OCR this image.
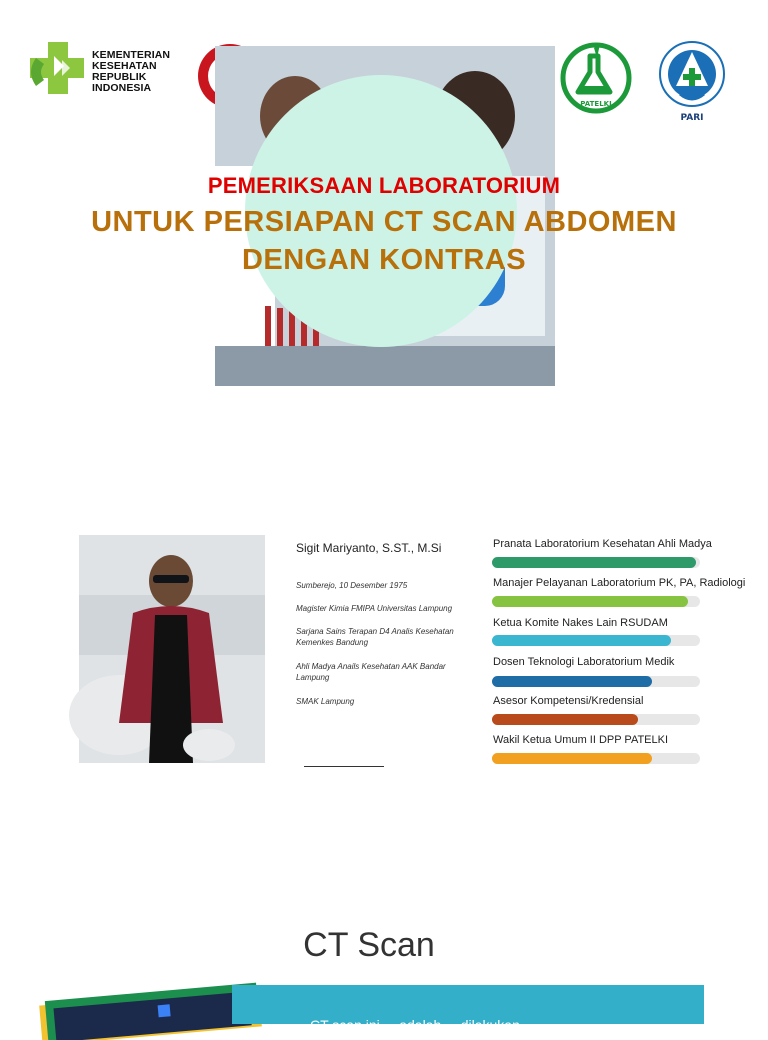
KEMENTERIAN
KESEHATAN
REPUBLIK
INDONESIA
PATELKI
PARI
PEMERIKSAAN LABORATORIUM
UNTUK PERSIAPAN CT SCAN ABDOMEN
DENGAN KONTRAS
Sigit Mariyanto, S.ST., M.Si
Sumberejo, 10 Desember 1975
Magister Kimia FMIPA Universitas Lampung
Sarjana Sains Terapan D4 Analis Kesehatan Kemenkes Bandung
Ahli Madya Anails Kesehatan AAK Bandar Lampung
SMAK Lampung
Pranata Laboratorium Kesehatan Ahli Madya
Manajer Pelayanan Laboratorium PK, PA, Radiologi
Ketua Komite Nakes Lain RSUDAM
Dosen Teknologi Laboratorium Medik
Asesor Kompetensi/Kredensial
Wakil Ketua Umum II DPP PATELKI
CT Scan
CT scan ini ... adalah ... dilakukan
